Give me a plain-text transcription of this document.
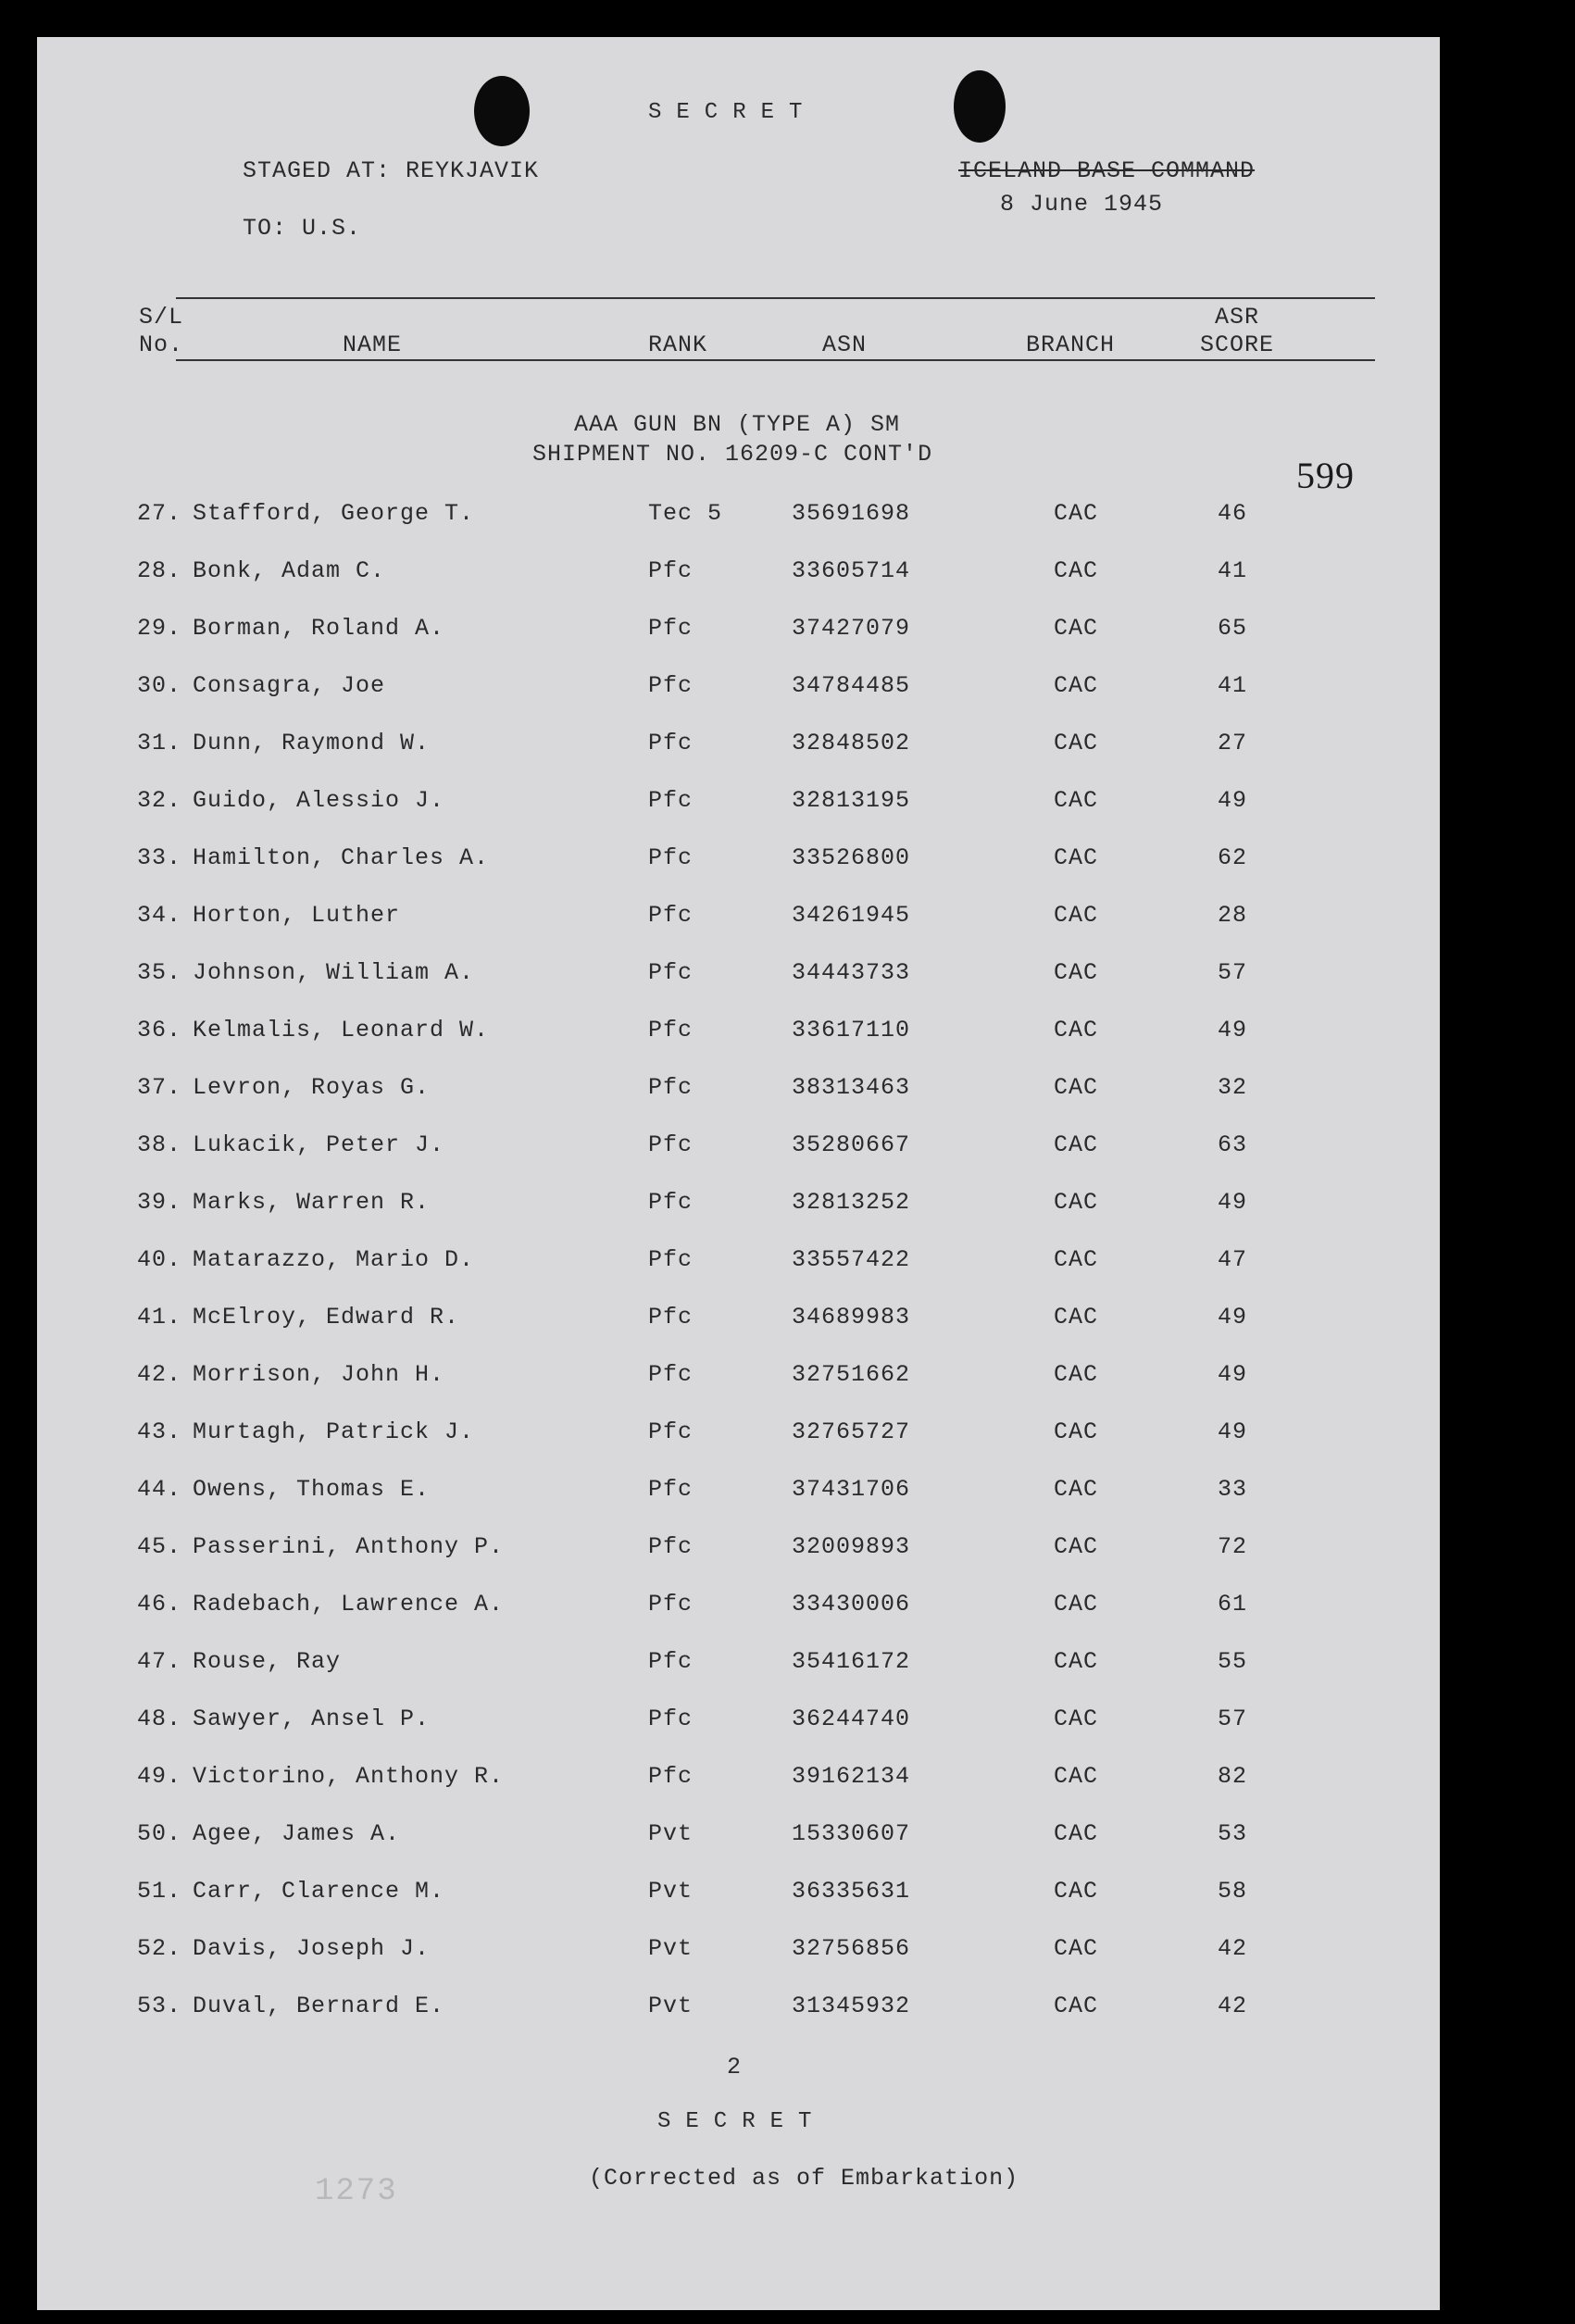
SECRET
STAGED AT: REYKJAVIK
TO: U.S.
ICELAND BASE COMMAND
8 June 1945
S/L
No.	NAME	RANK	ASN	BRANCH
ASR
SCORE
AAA GUN BN (TYPE A) SM
SHIPMENT NO. 16209-C CONT'D
599
27. Stafford, George T.	Tec 5	35691698	CAC	46
28. Bonk, Adam C.	Pfc	33605714	CAC	41
29. Borman, Roland A.	Pfc	37427079	CAC	65
30. Consagra, Joe	Pfc	34784485	CAC	41
31. Dunn, Raymond W.	Pfc	32848502	CAC	27
32. Guido, Alessio J.	Pfc	32813195	CAC	49
33. Hamilton, Charles A.	Pfc	33526800	CAC	62
34. Horton, Luther	Pfc	34261945	CAC	28
35. Johnson, William A.	Pfc	34443733	CAC	57
36. Kelmalis, Leonard W.	Pfc	33617110	CAC	49
37. Levron, Royas G.	Pfc	38313463	CAC	32
38. Lukacik, Peter J.	Pfc	35280667	CAC	63
39. Marks, Warren R.	Pfc	32813252	CAC	49
40. Matarazzo, Mario D.	Pfc	33557422	CAC	47
41. McElroy, Edward R.	Pfc	34689983	CAC	49
42. Morrison, John H.	Pfc	32751662	CAC	49
43. Murtagh, Patrick J.	Pfc	32765727	CAC	49
44. Owens, Thomas E.	Pfc	37431706	CAC	33
45. Passerini, Anthony P.	Pfc	32009893	CAC	72
46. Radebach, Lawrence A.	Pfc	33430006	CAC	61
47. Rouse, Ray	Pfc	35416172	CAC	55
48. Sawyer, Ansel P.	Pfc	36244740	CAC	57
49. Victorino, Anthony R.	Pfc	39162134	CAC	82
50. Agee, James A.	Pvt	15330607	CAC	53
51. Carr, Clarence M.	Pvt	36335631	CAC	58
52. Davis, Joseph J.	Pvt	32756856	CAC	42
53. Duval, Bernard E.	Pvt	31345932	CAC	42
2
SECRET
(Corrected as of Embarkation)
1273
